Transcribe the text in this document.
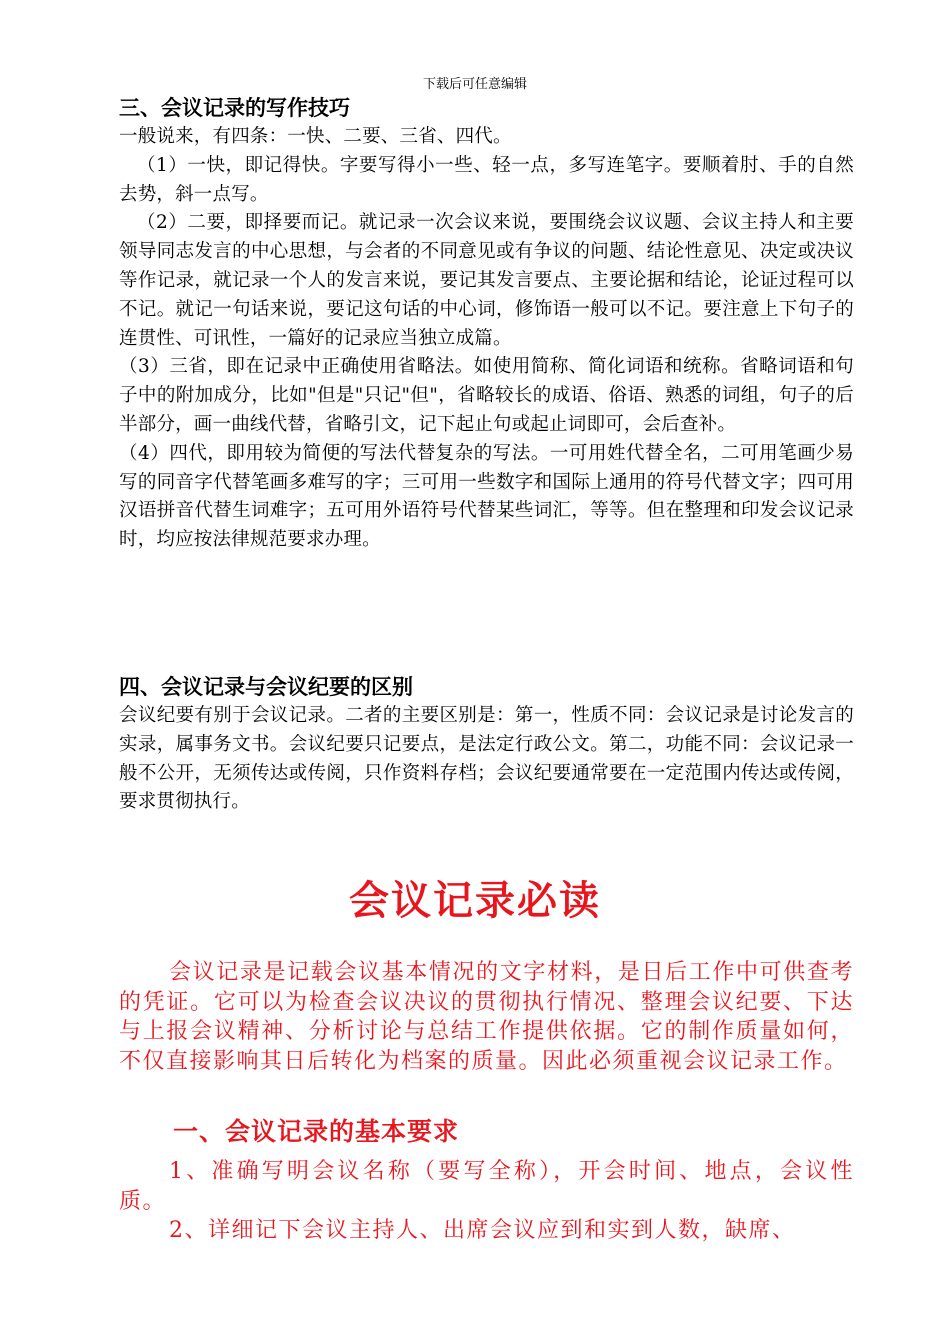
下载后可任意编辑
三、会议记录的写作技巧

一般说来，有四条：一快、二要、三省、四代。

（1）一快，即记得快。字要写得小一些、轻一点，多写连笔字。要顺着肘、手的自然去势，斜一点写。

（2）二要，即择要而记。就记录一次会议来说，要围绕会议议题、会议主持人和主要领导同志发言的中心思想，与会者的不同意见或有争议的问题、结论性意见、决定或决议等作记录，就记录一个人的发言来说，要记其发言要点、主要论据和结论，论证过程可以不记。就记一句话来说，要记这句话的中心词，修饰语一般可以不记。要注意上下句子的连贯性、可讯性，一篇好的记录应当独立成篇。

（3）三省，即在记录中正确使用省略法。如使用简称、简化词语和统称。省略词语和句子中的附加成分，比如"但是"只记"但"，省略较长的成语、俗语、熟悉的词组，句子的后半部分，画一曲线代替，省略引文，记下起止句或起止词即可，会后查补。

（4）四代，即用较为简便的写法代替复杂的写法。一可用姓代替全名，二可用笔画少易写的同音字代替笔画多难写的字；三可用一些数字和国际上通用的符号代替文字；四可用汉语拼音代替生词难字；五可用外语符号代替某些词汇，等等。但在整理和印发会议记录时，均应按法律规范要求办理。

四、会议记录与会议纪要的区别

会议纪要有别于会议记录。二者的主要区别是：第一，性质不同：会议记录是讨论发言的实录，属事务文书。会议纪要只记要点，是法定行政公文。第二，功能不同：会议记录一般不公开，无须传达或传阅，只作资料存档；会议纪要通常要在一定范围内传达或传阅，要求贯彻执行。

会议记录必读

会议记录是记载会议基本情况的文字材料，是日后工作中可供查考的凭证。它可以为检查会议决议的贯彻执行情况、整理会议纪要、下达与上报会议精神、分析讨论与总结工作提供依据。它的制作质量如何，不仅直接影响其日后转化为档案的质量。因此必须重视会议记录工作。

一、会议记录的基本要求

1、准确写明会议名称（要写全称），开会时间、地点，会议性质。

2、详细记下会议主持人、出席会议应到和实到人数，缺席、
